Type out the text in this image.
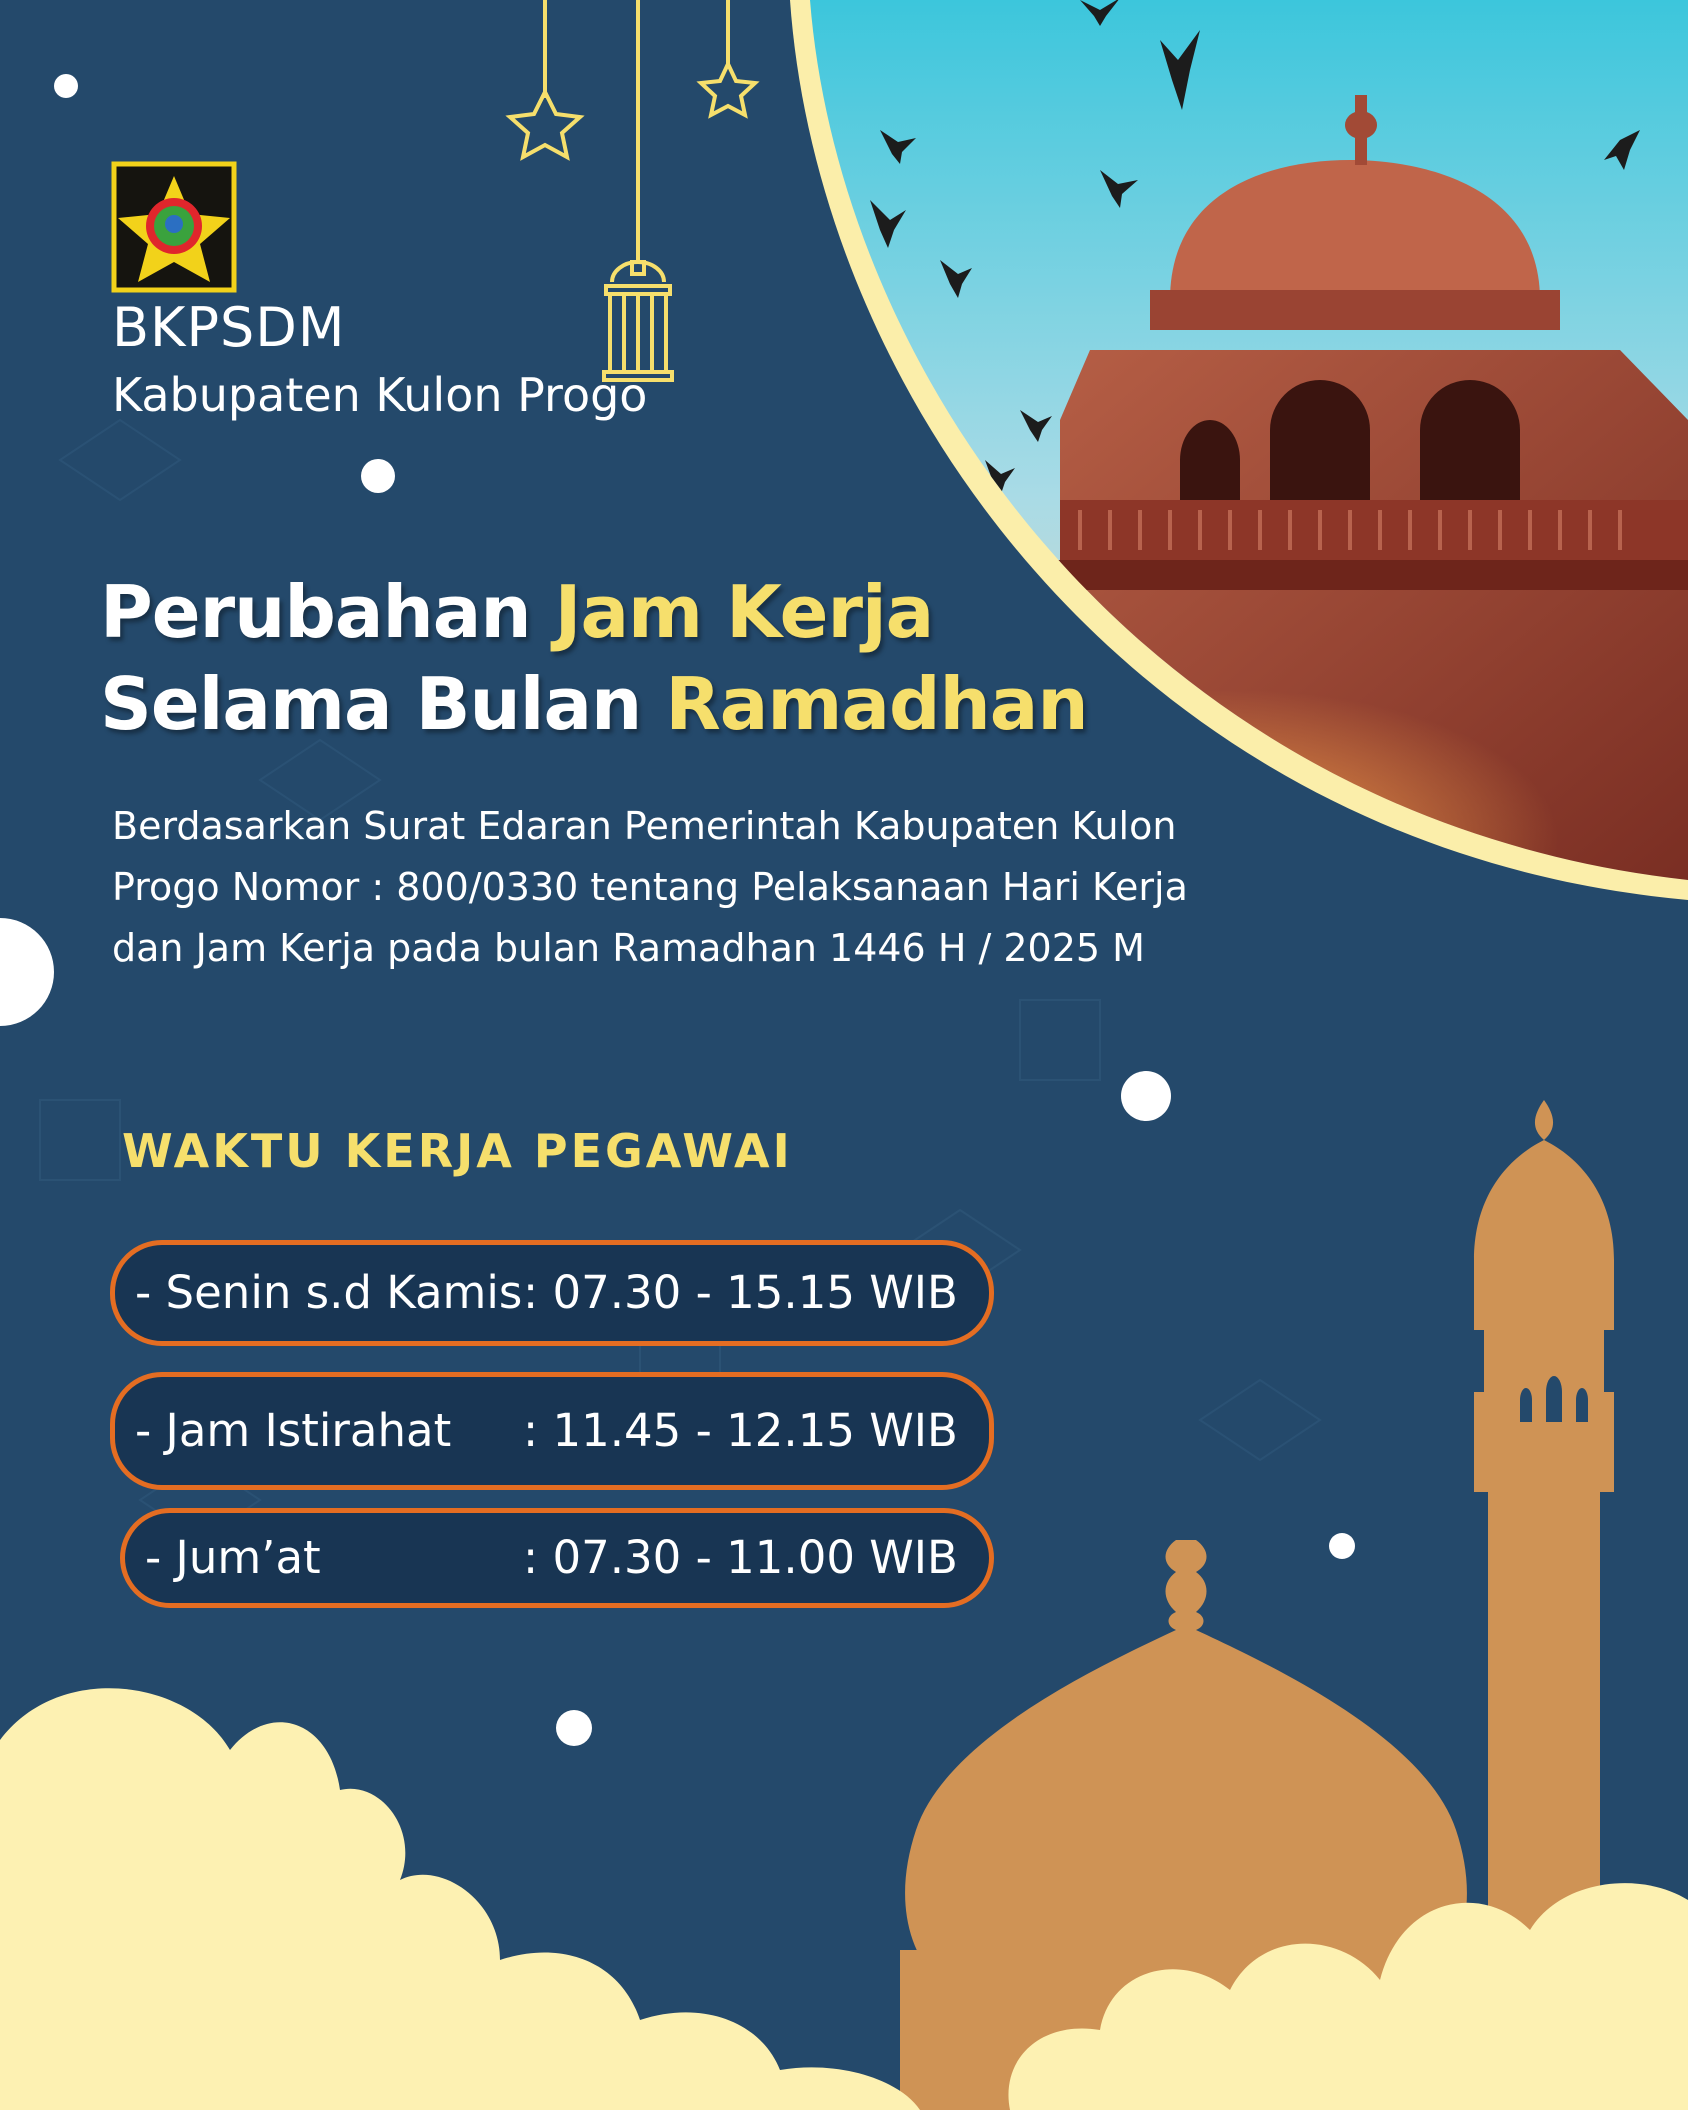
BKPSDM
Kabupaten Kulon Progo
Perubahan Jam Kerja
Selama Bulan Ramadhan
Berdasarkan Surat Edaran Pemerintah Kabupaten Kulon Progo Nomor : 800/0330 tentang Pelaksanaan Hari Kerja dan Jam Kerja pada bulan Ramadhan 1446 H / 2025 M
WAKTU KERJA PEGAWAI
- Senin s.d Kamis : 07.30 - 15.15 WIB
- Jam Istirahat : 11.45 - 12.15 WIB
- Jum’at	: 07.30 - 11.00 WIB
